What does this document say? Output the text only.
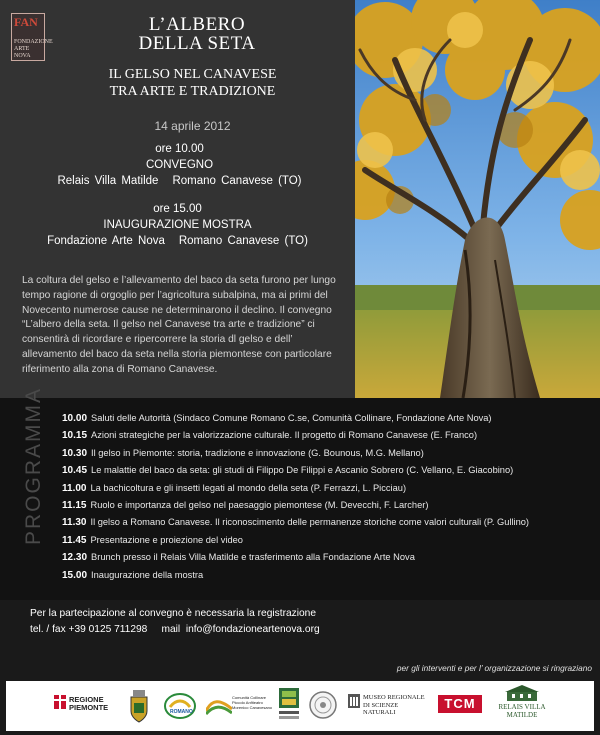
FAN
FONDAZIONE ARTE NOVA
L’ALBERO
DELLA SETA
IL GELSO NEL CANAVESE
TRA ARTE E TRADIZIONE
14 aprile 2012
ore 10.00
CONVEGNO
Relais Villa Matilde Romano Canavese (TO)
ore 15.00
INAUGURAZIONE MOSTRA
Fondazione Arte Nova Romano Canavese (TO)
La coltura del gelso e l’allevamento del baco da seta furono per lungo tempo ragione di orgoglio per l’agricoltura subalpina, ma ai primi del Novecento numerose cause ne determinarono il declino. Il convegno “L’albero della seta. Il gelso nel Canavese tra arte e tradizione” ci consentirà di ricordare e ripercorrere la storia dl gelso e dell’ allevamento del baco da seta nella storia piemontese con particolare riferimento alla zona di Romano Canavese.
PROGRAMMA 10.00 Saluti delle Autorità (Sindaco Comune Romano C.se, Comunità Collinare, Fondazione Arte Nova)
10.15 Azioni strategiche per la valorizzazione culturale. Il progetto di Romano Canavese (E. Franco)
10.30 Il gelso in Piemonte: storia, tradizione e innovazione (G. Bounous, M.G. Mellano)
10.45 Le malattie del baco da seta: gli studi di Filippo De Filippi e Ascanio Sobrero (C. Vellano, E. Giacobino)
11.00 La bachicoltura e gli insetti legati al mondo della seta (P. Ferrazzi, L. Picciau)
11.15 Ruolo e importanza del gelso nel paesaggio piemontese (M. Devecchi, F. Larcher)
11.30 Il gelso a Romano Canavese. Il riconoscimento delle permanenze storiche come valori culturali (P. Gullino)
11.45 Presentazione e proiezione del video
12.30 Brunch presso il Relais Villa Matilde e trasferimento alla Fondazione Arte Nova
15.00 Inaugurazione della mostra
Per la partecipazione al convegno è necessaria la registrazione
tel. / fax +39 0125 711298     mail  info@fondazioneartenova.org
per gli interventi e per l’ organizzazione si ringraziano
REGIONE PIEMONTE	ROMANO
Comunità Collinare Piccolo Anfiteatro Morenico Canavesano
MUSEO REGIONALE DI SCIENZE NATURALI
TCM	RELAIS VILLA MATILDE
